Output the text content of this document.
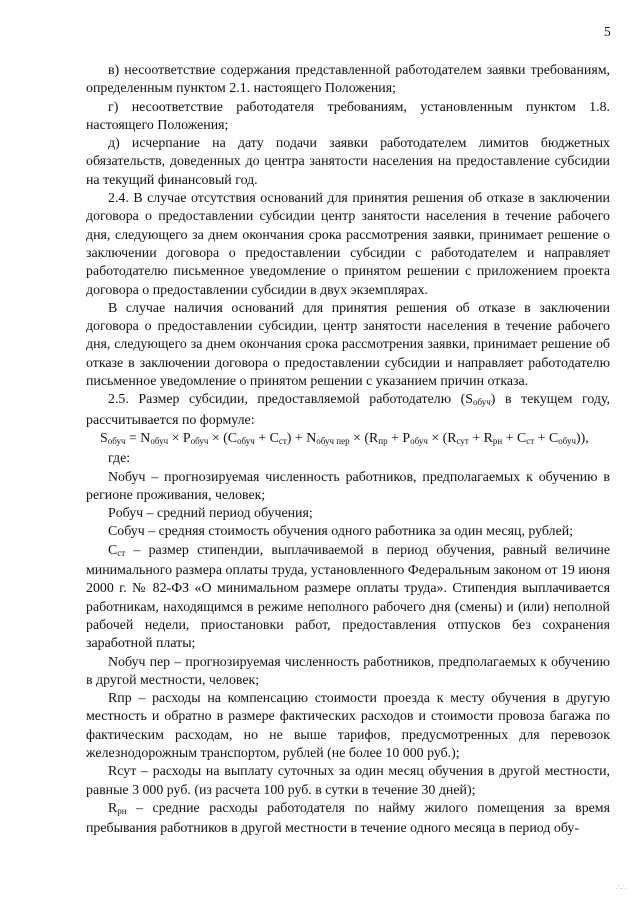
5

в) несоответствие содержания представленной работодателем заявки требованиям, определенным пунктом 2.1. настоящего Положения;

г) несоответствие работодателя требованиям, установленным пунктом 1.8. настоящего Положения;

д) исчерпание на дату подачи заявки работодателем лимитов бюджетных обязательств, доведенных до центра занятости населения на предоставление субсидии на текущий финансовый год.

2.4. В случае отсутствия оснований для принятия решения об отказе в заключении договора о предоставлении субсидии центр занятости населения в течение рабочего дня, следующего за днем окончания срока рассмотрения заявки, принимает решение о заключении договора о предоставлении субсидии с работодателем и направляет работодателю письменное уведомление о принятом решении с приложением проекта договора о предоставлении субсидии в двух экземплярах.

В случае наличия оснований для принятия решения об отказе в заключении договора о предоставлении субсидии, центр занятости населения в течение рабочего дня, следующего за днем окончания срока рассмотрения заявки, принимает решение об отказе в заключении договора о предоставлении субсидии и направляет работодателю письменное уведомление о принятом решении с указанием причин отказа.

2.5. Размер субсидии, предоставляемой работодателю $(S_{обуч})$ в текущем году, рассчитывается по формуле:

$S_{обуч} = N_{обуч} \times P_{обуч} \times (C_{обуч} + C_{ст}) + N_{обуч пер} \times (R_{пр} + P_{обуч} \times (R_{сут} + R_{рн} + C_{ст} + C_{обуч}))$,

где:

Nобуч – прогнозируемая численность работников, предполагаемых к обучению в регионе проживания, человек;

Pобуч – средний период обучения;

Cобуч – средняя стоимость обучения одного работника за один месяц, рублей;

$C_{ст}$ – размер стипендии, выплачиваемой в период обучения, равный величине минимального размера оплаты труда, установленного Федеральным законом от 19 июня 2000 г. № 82-ФЗ «О минимальном размере оплаты труда». Стипендия выплачивается работникам, находящимся в режиме неполного рабочего дня (смены) и (или) неполной рабочей недели, приостановки работ, предоставления отпусков без сохранения заработной платы;

Nобуч пер – прогнозируемая численность работников, предполагаемых к обучению в другой местности, человек;

Rпр – расходы на компенсацию стоимости проезда к месту обучения в другую местность и обратно в размере фактических расходов и стоимости провоза багажа по фактическим расходам, но не выше тарифов, предусмотренных для перевозок железнодорожным транспортом, рублей (не более 10 000 руб.);

Rсут – расходы на выплату суточных за один месяц обучения в другой местности, равные 3 000 руб. (из расчета 100 руб. в сутки в течение 30 дней);

$R_{рн}$ – средние расходы работодателя по найму жилого помещения за время пребывания работников в другой местности в течение одного месяца в период обу-

∴∴
